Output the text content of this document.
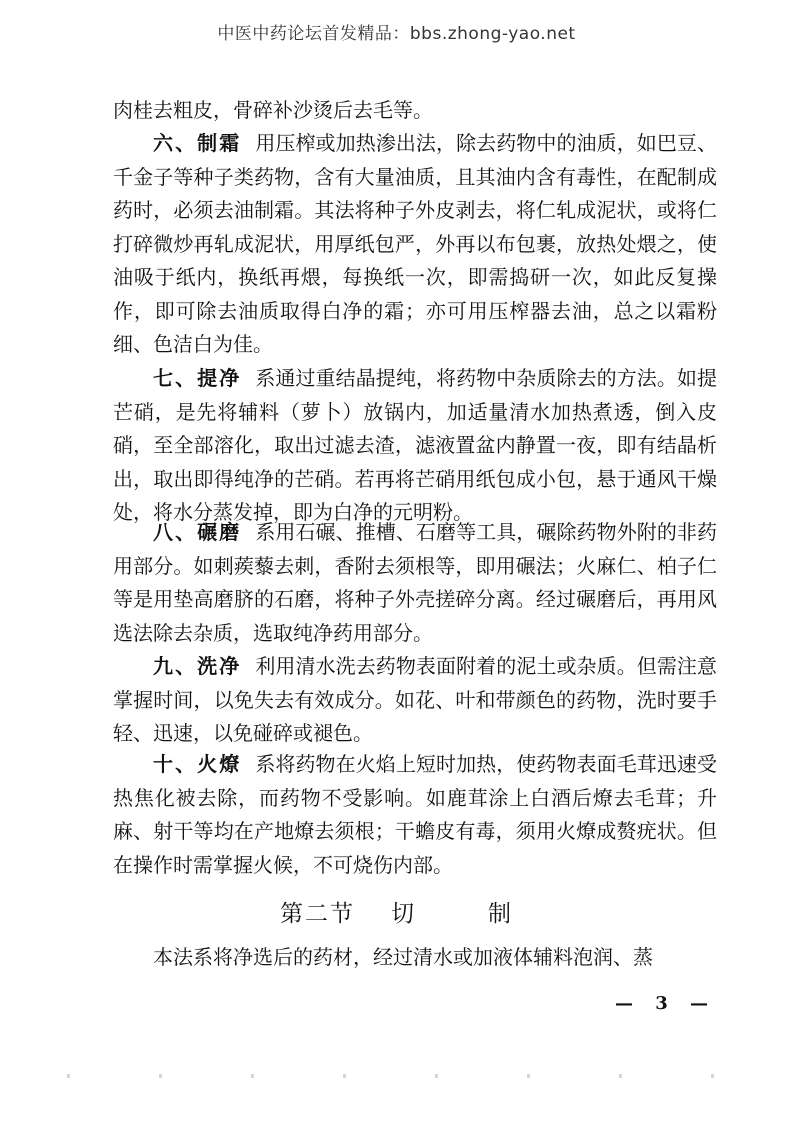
中医中药论坛首发精品：bbs.zhong-yao.net
肉桂去粗皮，骨碎补沙烫后去毛等。
六、制霜 用压榨或加热渗出法，除去药物中的油质，如巴豆、千金子等种子类药物，含有大量油质，且其油内含有毒性，在配制成药时，必须去油制霜。其法将种子外皮剥去，将仁轧成泥状，或将仁打碎微炒再轧成泥状，用厚纸包严，外再以布包裹，放热处煨之，使油吸于纸内，换纸再煨，每换纸一次，即需捣研一次，如此反复操作，即可除去油质取得白净的霜；亦可用压榨器去油，总之以霜粉细、色洁白为佳。
七、提净 系通过重结晶提纯，将药物中杂质除去的方法。如提芒硝，是先将辅料（萝卜）放锅内，加适量清水加热煮透，倒入皮硝，至全部溶化，取出过滤去渣，滤液置盆内静置一夜，即有结晶析出，取出即得纯净的芒硝。若再将芒硝用纸包成小包，悬于通风干燥处，将水分蒸发掉，即为白净的元明粉。
八、碾磨 系用石碾、推槽、石磨等工具，碾除药物外附的非药用部分。如刺蒺藜去刺，香附去须根等，即用碾法；火麻仁、柏子仁等是用垫高磨脐的石磨，将种子外壳搓碎分离。经过碾磨后，再用风选法除去杂质，选取纯净药用部分。
九、洗净 利用清水洗去药物表面附着的泥土或杂质。但需注意掌握时间，以免失去有效成分。如花、叶和带颜色的药物，洗时要手轻、迅速，以免碰碎或褪色。
十、火燎 系将药物在火焰上短时加热，使药物表面毛茸迅速受热焦化被去除，而药物不受影响。如鹿茸涂上白酒后燎去毛茸；升麻、射干等均在产地燎去须根；干蟾皮有毒，须用火燎成赘疣状。但在操作时需掌握火候，不可烧伤内部。
第二节 切	制
本法系将净选后的药材，经过清水或加液体辅料泡润、蒸
— 3 —
